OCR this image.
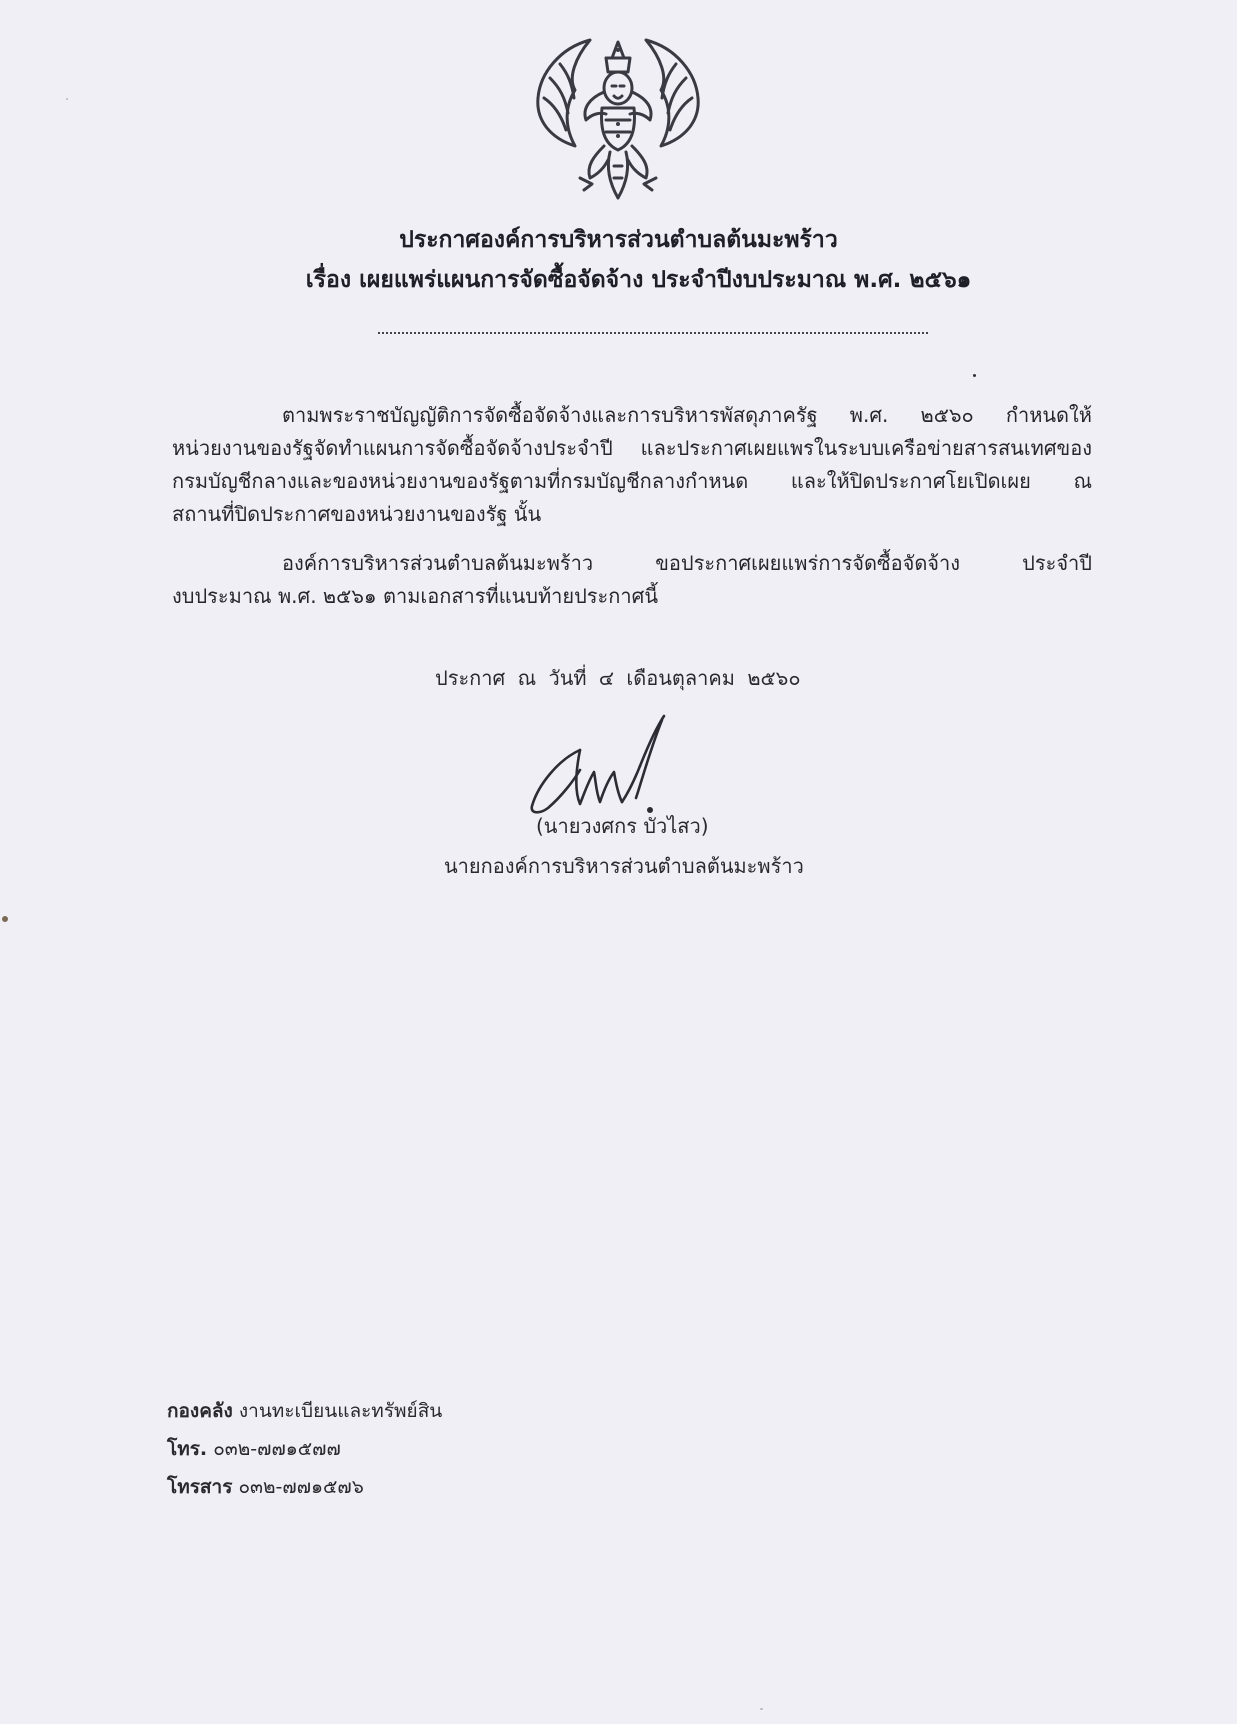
ประกาศองค์การบริหารส่วนตำบลต้นมะพร้าว
เรื่อง เผยแพร่แผนการจัดซื้อจัดจ้าง ประจำปีงบประมาณ พ.ศ. ๒๕๖๑
ตามพระราชบัญญัติการจัดซื้อจัดจ้างและการบริหารพัสดุภาครัฐ พ.ศ. ๒๕๖๐ กำหนดให้
หน่วยงานของรัฐจัดทำแผนการจัดซื้อจัดจ้างประจำปี และประกาศเผยแพรในระบบเครือข่ายสารสนเทศของ
กรมบัญชีกลางและของหน่วยงานของรัฐตามที่กรมบัญชีกลางกำหนด และให้ปิดประกาศโยเปิดเผย ณ
สถานที่ปิดประกาศของหน่วยงานของรัฐ นั้น
องค์การบริหารส่วนตำบลต้นมะพร้าว ขอประกาศเผยแพร่การจัดซื้อจัดจ้าง ประจำปี
งบประมาณ พ.ศ. ๒๕๖๑ ตามเอกสารที่แนบท้ายประกาศนี้
ประกาศ ณ วันที่ ๔ เดือนตุลาคม ๒๕๖๐
(นายวงศกร บัวไสว)
นายกองค์การบริหารส่วนตำบลต้นมะพร้าว
กองคลัง งานทะเบียนและทรัพย์สิน
โทร. ๐๓๒-๗๗๑๕๗๗
โทรสาร ๐๓๒-๗๗๑๕๗๖
